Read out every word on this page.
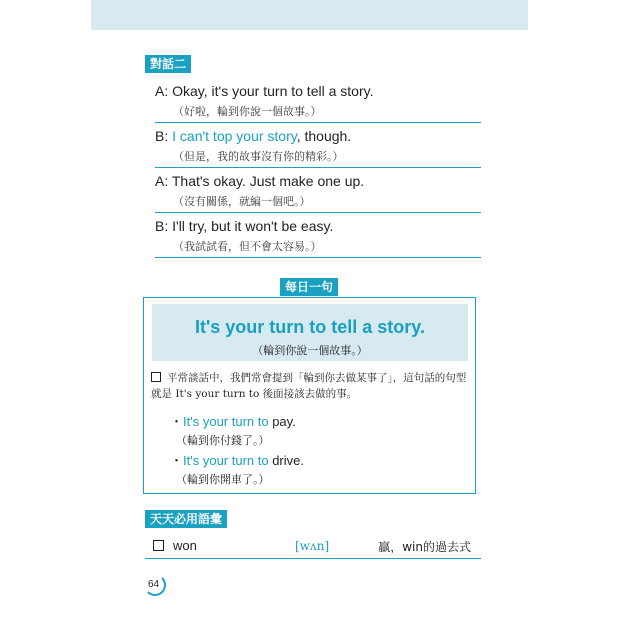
對話二
A: Okay, it's your turn to tell a story.
（好啦，輪到你說一個故事。）
B: I can't top your story, though.
（但是，我的故事沒有你的精彩。）
A: That's okay. Just make one up.
（沒有關係，就編一個吧。）
B: I'll try, but it won't be easy.
（我試試看，但不會太容易。）
每日一句
It's your turn to tell a story.
（輪到你說一個故事。）
平常談話中，我們常會提到「輪到你去做某事了」，這句話的句型就是 It's your turn to 後面接該去做的事。
・It's your turn to pay.
（輪到你付錢了。）
・It's your turn to drive.
（輪到你開車了。）
天天必用語彙
won	[wʌn]	贏，win的過去式
64
